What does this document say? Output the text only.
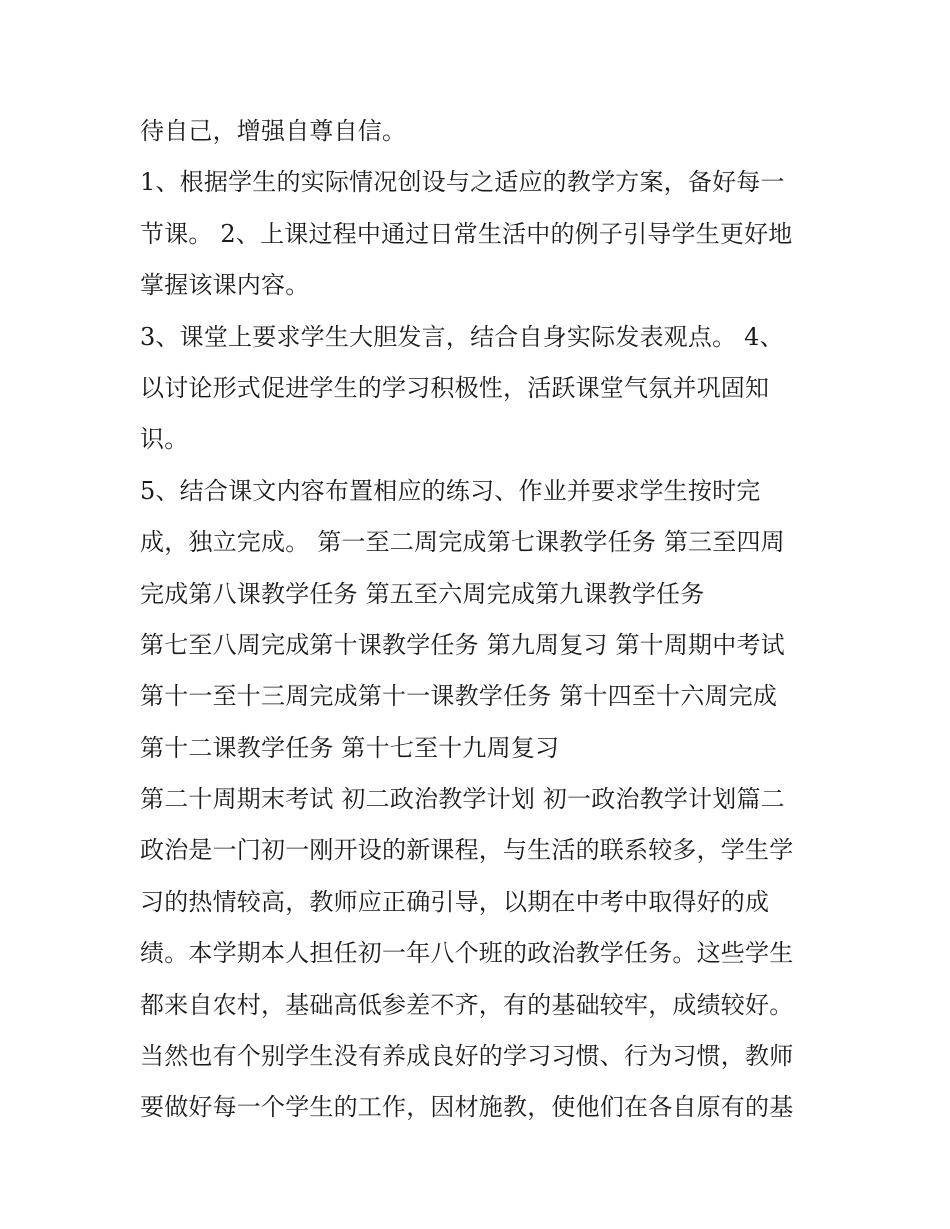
待自己，增强自尊自信。
1、根据学生的实际情况创设与之适应的教学方案，备好每一
节课。 2、上课过程中通过日常生活中的例子引导学生更好地
掌握该课内容。
3、课堂上要求学生大胆发言，结合自身实际发表观点。 4、
以讨论形式促进学生的学习积极性，活跃课堂气氛并巩固知
识。
5、结合课文内容布置相应的练习、作业并要求学生按时完
成，独立完成。 第一至二周完成第七课教学任务 第三至四周
完成第八课教学任务 第五至六周完成第九课教学任务
第七至八周完成第十课教学任务 第九周复习 第十周期中考试
第十一至十三周完成第十一课教学任务 第十四至十六周完成
第十二课教学任务 第十七至十九周复习
第二十周期末考试 初二政治教学计划 初一政治教学计划篇二
政治是一门初一刚开设的新课程，与生活的联系较多，学生学
习的热情较高，教师应正确引导，以期在中考中取得好的成
绩。本学期本人担任初一年八个班的政治教学任务。这些学生
都来自农村，基础高低参差不齐，有的基础较牢，成绩较好。
当然也有个别学生没有养成良好的学习习惯、行为习惯，教师
要做好每一个学生的工作，因材施教，使他们在各自原有的基
